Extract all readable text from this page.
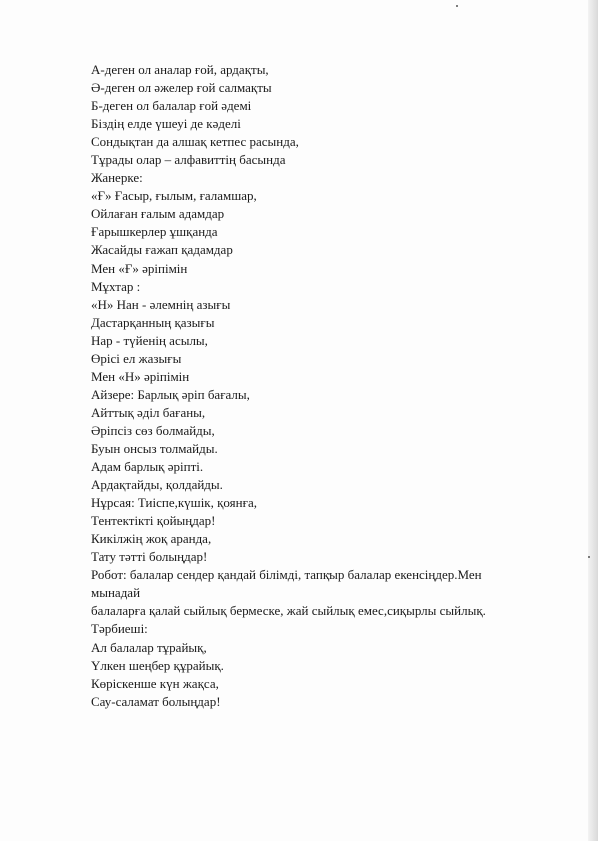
А-деген ол аналар ғой, ардақты,
Ә-деген ол әжелер ғой салмақты
Б-деген ол балалар ғой әдемі
Біздің елде үшеуі де кәделі
Сондықтан да алшақ кетпес расында,
Тұрады олар – алфавиттің басында
Жанерке:
«Ғ» Ғасыр, ғылым, ғаламшар,
Ойлаған ғалым адамдар
Ғарышкерлер ұшқанда
Жасайды ғажап қадамдар
Мен «Ғ» әріпімін
Мұхтар :
«Н» Нан - әлемнің азығы
Дастарқанның қазығы
Нар - түйенің асылы,
Өрісі ел жазығы
Мен «Н» әріпімін
Айзере: Барлық әріп бағалы,
Айттық әділ бағаны,
Әріпсіз сөз болмайды,
Буын онсыз толмайды.
Адам барлық әріпті.
Ардақтайды, қолдайды.
Нұрсая: Тиіспе,күшік, қоянға,
Тентектікті қойыңдар!
Кикілжің жоқ аранда,
Тату тәтті болыңдар!
Робот: балалар сендер қандай білімді, тапқыр балалар екенсіңдер.Мен
мынадай
балаларға қалай сыйлық бермеске, жай сыйлық емес,сиқырлы сыйлық.
Тәрбиеші:
Ал балалар тұрайық,
Үлкен шеңбер құрайық.
Көріскенше күн жақса,
Сау-саламат болыңдар!
